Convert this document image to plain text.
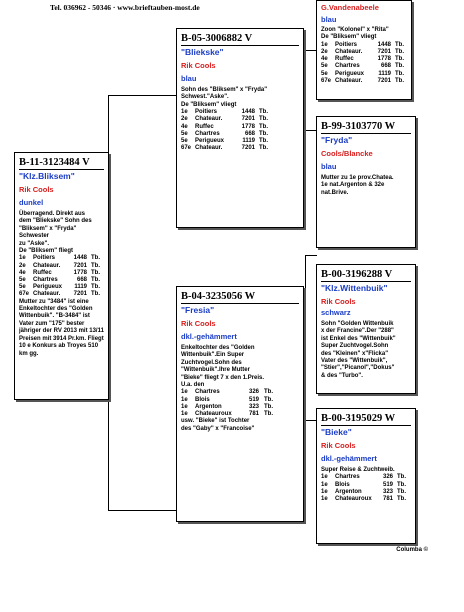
Tel. 036962 - 50346 · www.brieftauben-most.de	G.Vandenabeele
blau
Zoon "Kolonel" x "Rita"
De "Bliksem" vliegt
1e	Poitiers	1448	Tb.
2e	Chateaur.	7201	Tb.
4e	Ruffec	1778	Tb.
5e	Chartres	668	Tb.
5e	Perigueux	1119	Tb.
67e	Chateaur.	7201	Tb.
B-05-3006882 V
"Bliekske"
Rik Cools
blau
Sohn des "Bliksem" x "Fryda"
Schwest."Aske".
De "Bliksem" vliegt
1e	Poitiers	1448	Tb.
2e	Chateaur.	7201	Tb.
4e	Ruffec	1778	Tb.
5e	Chartres	668	Tb.
5e	Perigueux	1119	Tb.
67e	Chateaur.	7201	Tb.
B-99-3103770 W
"Fryda"
Cools/Blancke
blau
Mutter zu 1e prov.Chatea.
1e nat.Argenton & 32e
nat.Brive.
B-11-3123484 V
"Klz.Bliksem"
Rik Cools
dunkel
Überragend. Direkt aus
dem "Bliekske" Sohn des
"Bliksem" x "Fryda" Schwester
zu "Aske".
De "Bliksem" fliegt
1e	Poitiers	1448	Tb.
2e	Chateaur.	7201	Tb.
4e	Ruffec	1778	Tb.
5e	Chartres	668	Tb.
5e	Perigueux	1119	Tb.
67e	Chateaur.	7201	Tb.
Mutter zu "3484" ist eine
Enkeltochter des "Golden
Wittenbuik". "B-3484" ist
Vater zum "175" bester
jähriger der RV 2013 mit 13/11
Preisen mit 3914 Pr.km. Fliegt
10 e Konkurs ab Troyes 510
km gg.
B-00-3196288 V
"Klz.Wittenbuik"
Rik Cools
schwarz
Sohn "Golden Wittenbuik
x der Francine".Der "288"
ist Enkel des "Wittenbuik"
Super Zuchtvogel.Sohn
des "Kleinen" x"Flicka"
Vater des "Wittenbuik",
"Stier","Picanol","Dokus"
& des "Turbo".
B-04-3235056 W
"Fresia"
Rik Cools
dkl.-gehämmert
Enkeltochter des "Golden
Wittenbuik".Ein Super
Zuchtvogel.Sohn des
"Wittenbuik".Ihre Mutter
"Bieke" fliegt 7 x den 1.Preis.
U.a. den
1e	Chartres	326	Tb.
1e	Blois	519	Tb.
1e	Argenton	323	Tb.
1e	Chateauroux	781	Tb.
usw. "Bieke" ist Tochter
des "Gaby" x "Francoise"
B-00-3195029 W
"Bieke"
Rik Cools
dkl.-gehämmert
Super Reise & Zuchtweib.
1e	Chartres	326	Tb.
1e	Blois	519	Tb.
1e	Argenton	323	Tb.
1e	Chateauroux	781	Tb.
Columba ©
